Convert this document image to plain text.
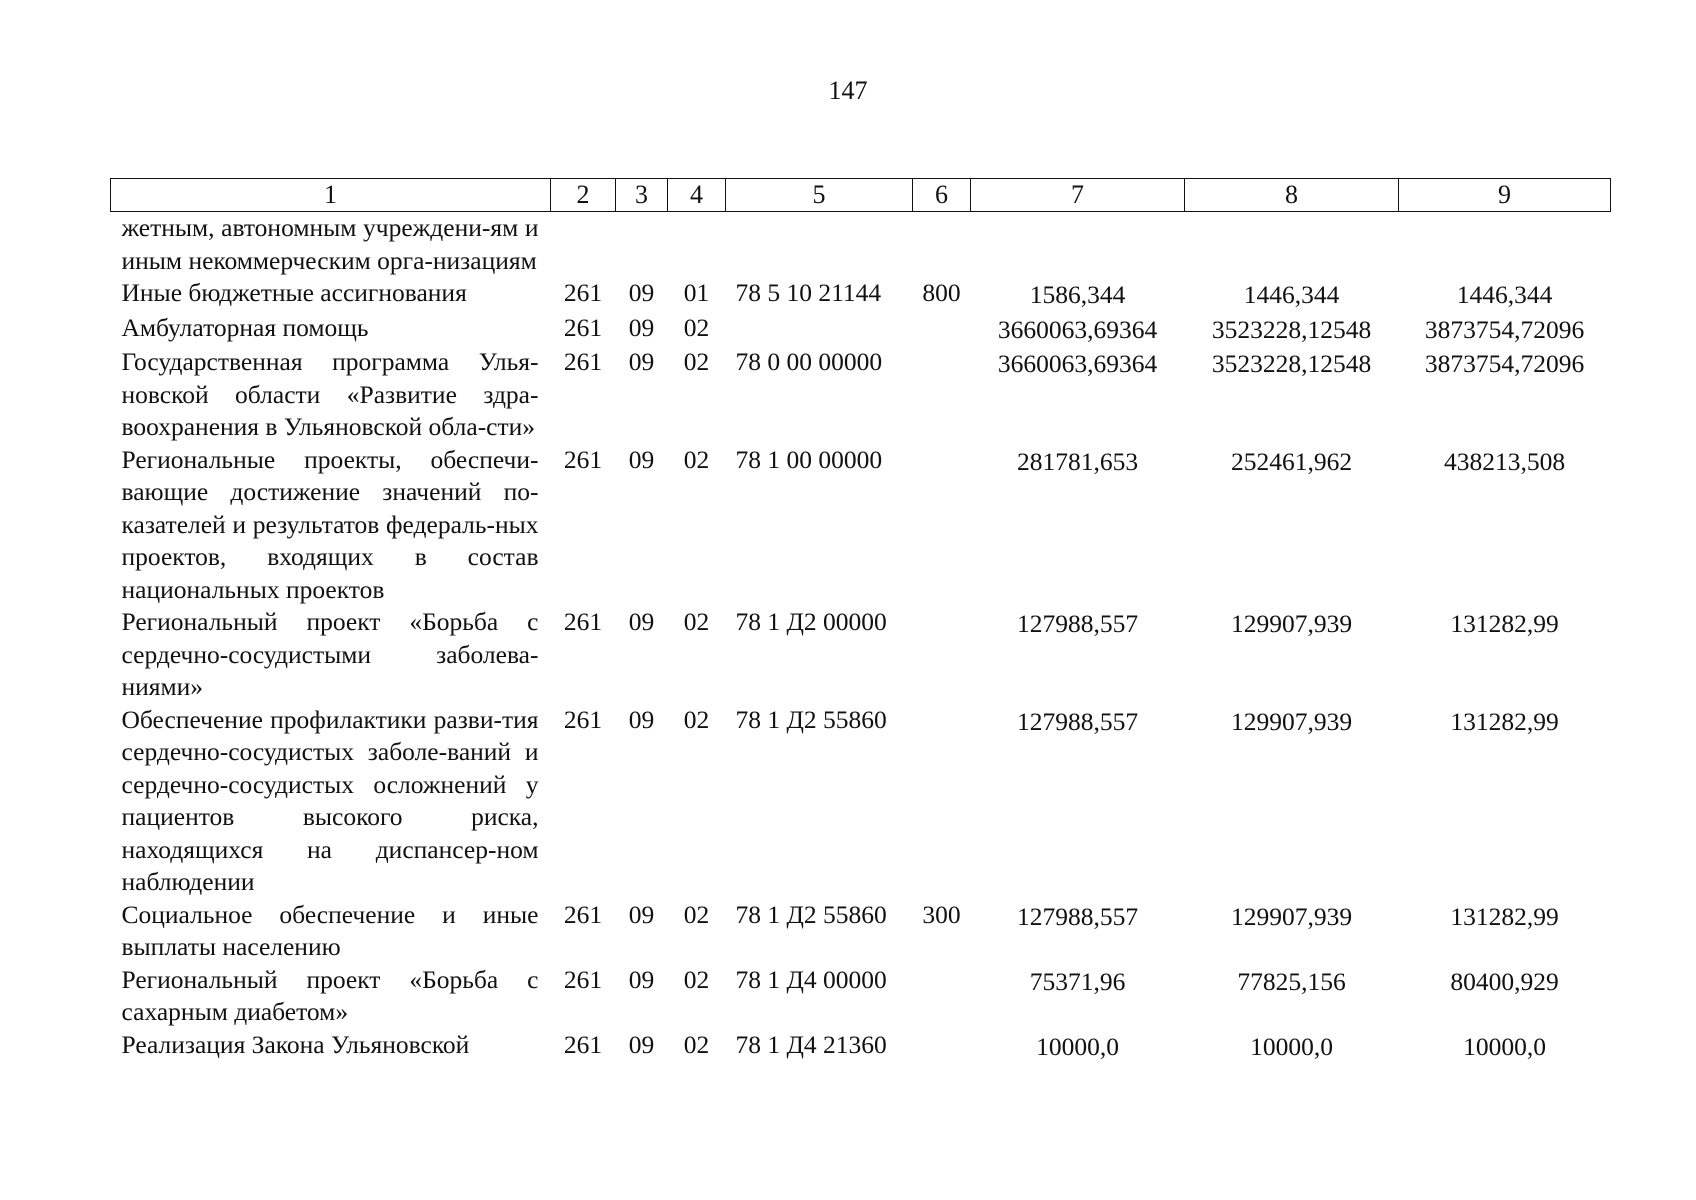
147
1	2	3	4	5	6	7	8	9
жетным, автономным учреждени-ям и иным некоммерческим орга-низациям								
Иные бюджетные ассигнования	261	09	01	78 5 10 21144	800	1586,344	1446,344	1446,344
Амбулаторная помощь	261	09	02			3660063,69364	3523228,12548	3873754,72096
Государственная программа Улья-новской области «Развитие здра-воохранения в Ульяновской обла-сти»	261	09	02	78 0 00 00000		3660063,69364	3523228,12548	3873754,72096
Региональные проекты, обеспечи-вающие достижение значений по-казателей и результатов федераль-ных проектов, входящих в состав национальных проектов	261	09	02	78 1 00 00000		281781,653	252461,962	438213,508
Региональный проект «Борьба с сердечно-сосудистыми заболева-ниями»	261	09	02	78 1 Д2 00000		127988,557	129907,939	131282,99
Обеспечение профилактики разви-тия сердечно-сосудистых заболе-ваний и сердечно-сосудистых осложнений у пациентов высокого риска, находящихся на диспансер-ном наблюдении	261	09	02	78 1 Д2 55860		127988,557	129907,939	131282,99
Социальное обеспечение и иные выплаты населению	261	09	02	78 1 Д2 55860	300	127988,557	129907,939	131282,99
Региональный проект «Борьба с сахарным диабетом»	261	09	02	78 1 Д4 00000		75371,96	77825,156	80400,929
Реализация Закона Ульяновской	261	09	02	78 1 Д4 21360		10000,0	10000,0	10000,0
